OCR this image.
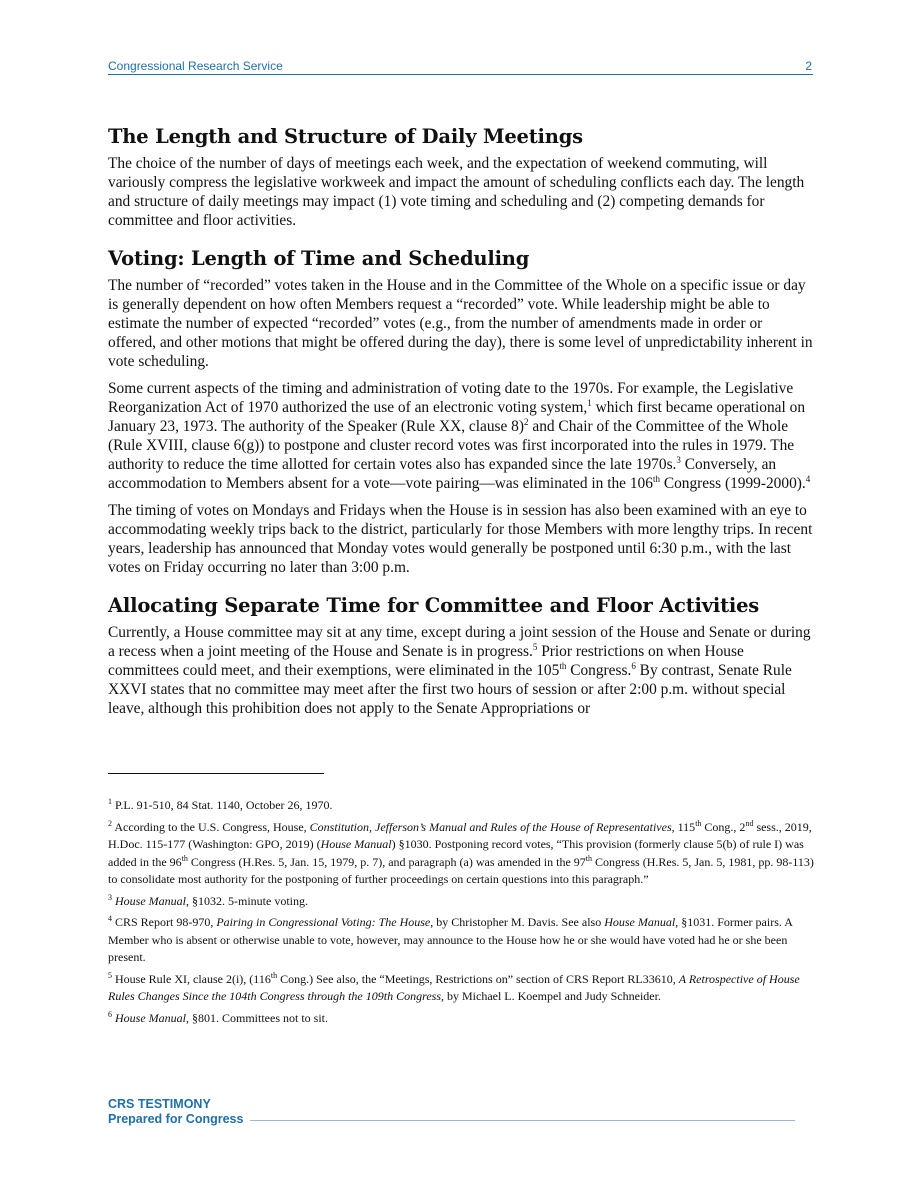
Congressional Research Service	2
The Length and Structure of Daily Meetings

The choice of the number of days of meetings each week, and the expectation of weekend commuting, will variously compress the legislative workweek and impact the amount of scheduling conflicts each day. The length and structure of daily meetings may impact (1) vote timing and scheduling and (2) competing demands for committee and floor activities.

Voting: Length of Time and Scheduling

The number of “recorded” votes taken in the House and in the Committee of the Whole on a specific issue or day is generally dependent on how often Members request a “recorded” vote. While leadership might be able to estimate the number of expected “recorded” votes (e.g., from the number of amendments made in order or offered, and other motions that might be offered during the day), there is some level of unpredictability inherent in vote scheduling.

Some current aspects of the timing and administration of voting date to the 1970s. For example, the Legislative Reorganization Act of 1970 authorized the use of an electronic voting system,$^1$ which first became operational on January 23, 1973. The authority of the Speaker (Rule XX, clause 8)$^2$ and Chair of the Committee of the Whole (Rule XVIII, clause 6(g)) to postpone and cluster record votes was first incorporated into the rules in 1979. The authority to reduce the time allotted for certain votes also has expanded since the late 1970s.$^3$ Conversely, an accommodation to Members absent for a vote—vote pairing—was eliminated in the 106th Congress (1999-2000).$^4$

The timing of votes on Mondays and Fridays when the House is in session has also been examined with an eye to accommodating weekly trips back to the district, particularly for those Members with more lengthy trips. In recent years, leadership has announced that Monday votes would generally be postponed until 6:30 p.m., with the last votes on Friday occurring no later than 3:00 p.m.

Allocating Separate Time for Committee and Floor Activities

Currently, a House committee may sit at any time, except during a joint session of the House and Senate or during a recess when a joint meeting of the House and Senate is in progress.$^5$ Prior restrictions on when House committees could meet, and their exemptions, were eliminated in the 105th Congress.$^6$ By contrast, Senate Rule XXVI states that no committee may meet after the first two hours of session or after 2:00 p.m. without special leave, although this prohibition does not apply to the Senate Appropriations or

$^1$ P.L. 91-510, 84 Stat. 1140, October 26, 1970.
$^2$ According to the U.S. Congress, House, Constitution, Jefferson’s Manual and Rules of the House of Representatives, 115th Cong., 2nd sess., 2019, H.Doc. 115-177 (Washington: GPO, 2019) (House Manual) §1030. Postponing record votes, “This provision (formerly clause 5(b) of rule I) was added in the 96th Congress (H.Res. 5, Jan. 15, 1979, p. 7), and paragraph (a) was amended in the 97th Congress (H.Res. 5, Jan. 5, 1981, pp. 98-113) to consolidate most authority for the postponing of further proceedings on certain questions into this paragraph.”
$^3$ House Manual, §1032. 5-minute voting.
$^4$ CRS Report 98-970, Pairing in Congressional Voting: The House, by Christopher M. Davis. See also House Manual, §1031. Former pairs. A Member who is absent or otherwise unable to vote, however, may announce to the House how he or she would have voted had he or she been present.
$^5$ House Rule XI, clause 2(i), (116th Cong.) See also, the “Meetings, Restrictions on” section of CRS Report RL33610, A Retrospective of House Rules Changes Since the 104th Congress through the 109th Congress, by Michael L. Koempel and Judy Schneider.
$^6$ House Manual, §801. Committees not to sit.
CRS TESTIMONY
Prepared for Congress
